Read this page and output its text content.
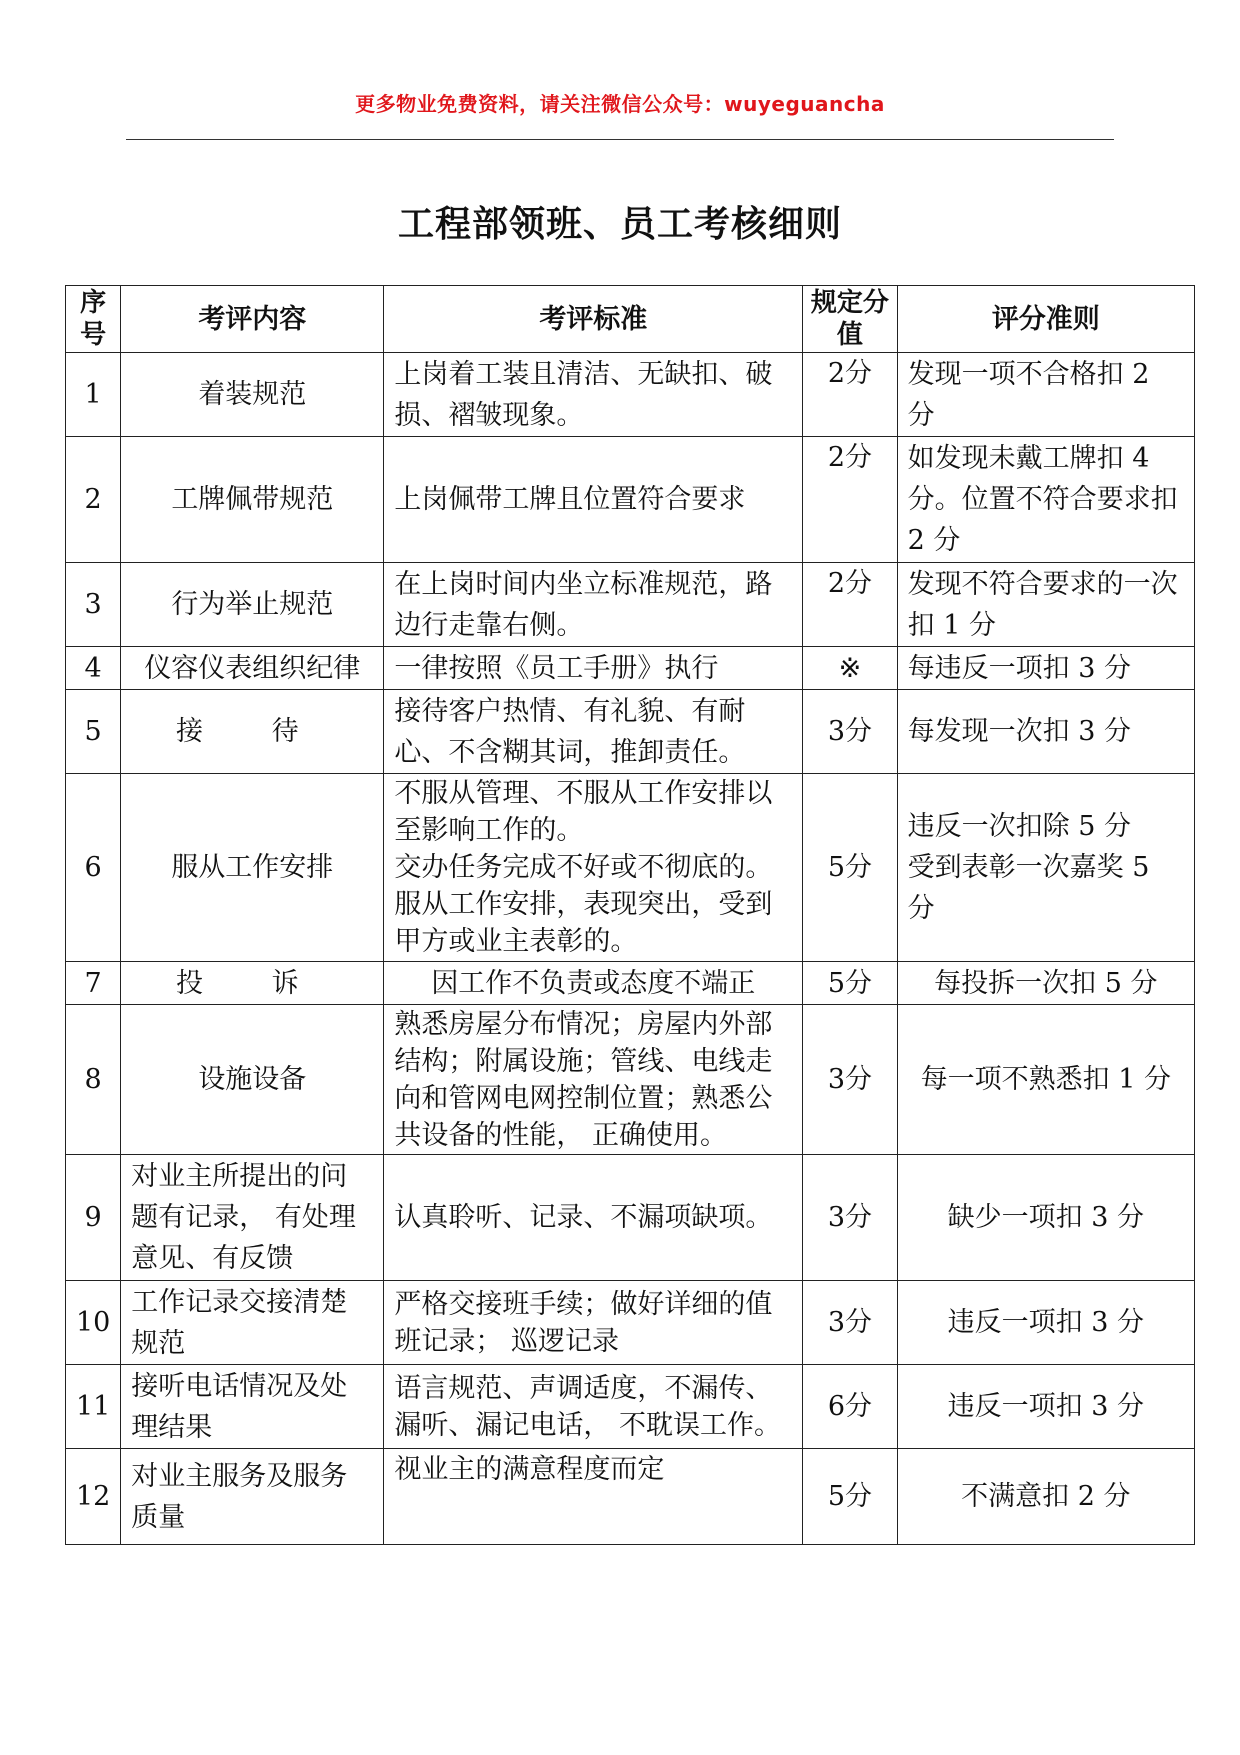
更多物业免费资料，请关注微信公众号：wuyeguancha
工程部领班、员工考核细则
序号	考评内容	考评标准	规定分值	评分准则
1	着装规范	上岗着工装且清洁、无缺扣、破损、褶皱现象。	2分	发现一项不合格扣 2 分
2	工牌佩带规范	上岗佩带工牌且位置符合要求	2分	如发现未戴工牌扣 4 分。位置不符合要求扣 2 分
3	行为举止规范	在上岗时间内坐立标准规范，路边行走靠右侧。	2分	发现不符合要求的一次扣 1 分
4	仪容仪表组织纪律	一律按照《员工手册》执行	※	每违反一项扣 3 分
5	接 待	接待客户热情、有礼貌、有耐心、不含糊其词，推卸责任。	3分	每发现一次扣 3 分
6	服从工作安排	不服从管理、不服从工作安排以至影响工作的。
交办任务完成不好或不彻底的。
服从工作安排，表现突出，受到甲方或业主表彰的。	5分	违反一次扣除 5 分
受到表彰一次嘉奖 5 分
7	投 诉	因工作不负责或态度不端正	5分	每投拆一次扣 5 分
8	设施设备	熟悉房屋分布情况；房屋内外部结构；附属设施；管线、电线走向和管网电网控制位置；熟悉公共设备的性能， 正确使用。	3分	每一项不熟悉扣 1 分
9	对业主所提出的问题有记录， 有处理意见、有反馈	认真聆听、记录、不漏项缺项。	3分	缺少一项扣 3 分
10	工作记录交接清楚规范	严格交接班手续；做好详细的值班记录； 巡逻记录	3分	违反一项扣 3 分
11	接听电话情况及处理结果	语言规范、声调适度，不漏传、漏听、漏记电话， 不耽误工作。	6分	违反一项扣 3 分
12	对业主服务及服务质量	视业主的满意程度而定	5分	不满意扣 2 分
